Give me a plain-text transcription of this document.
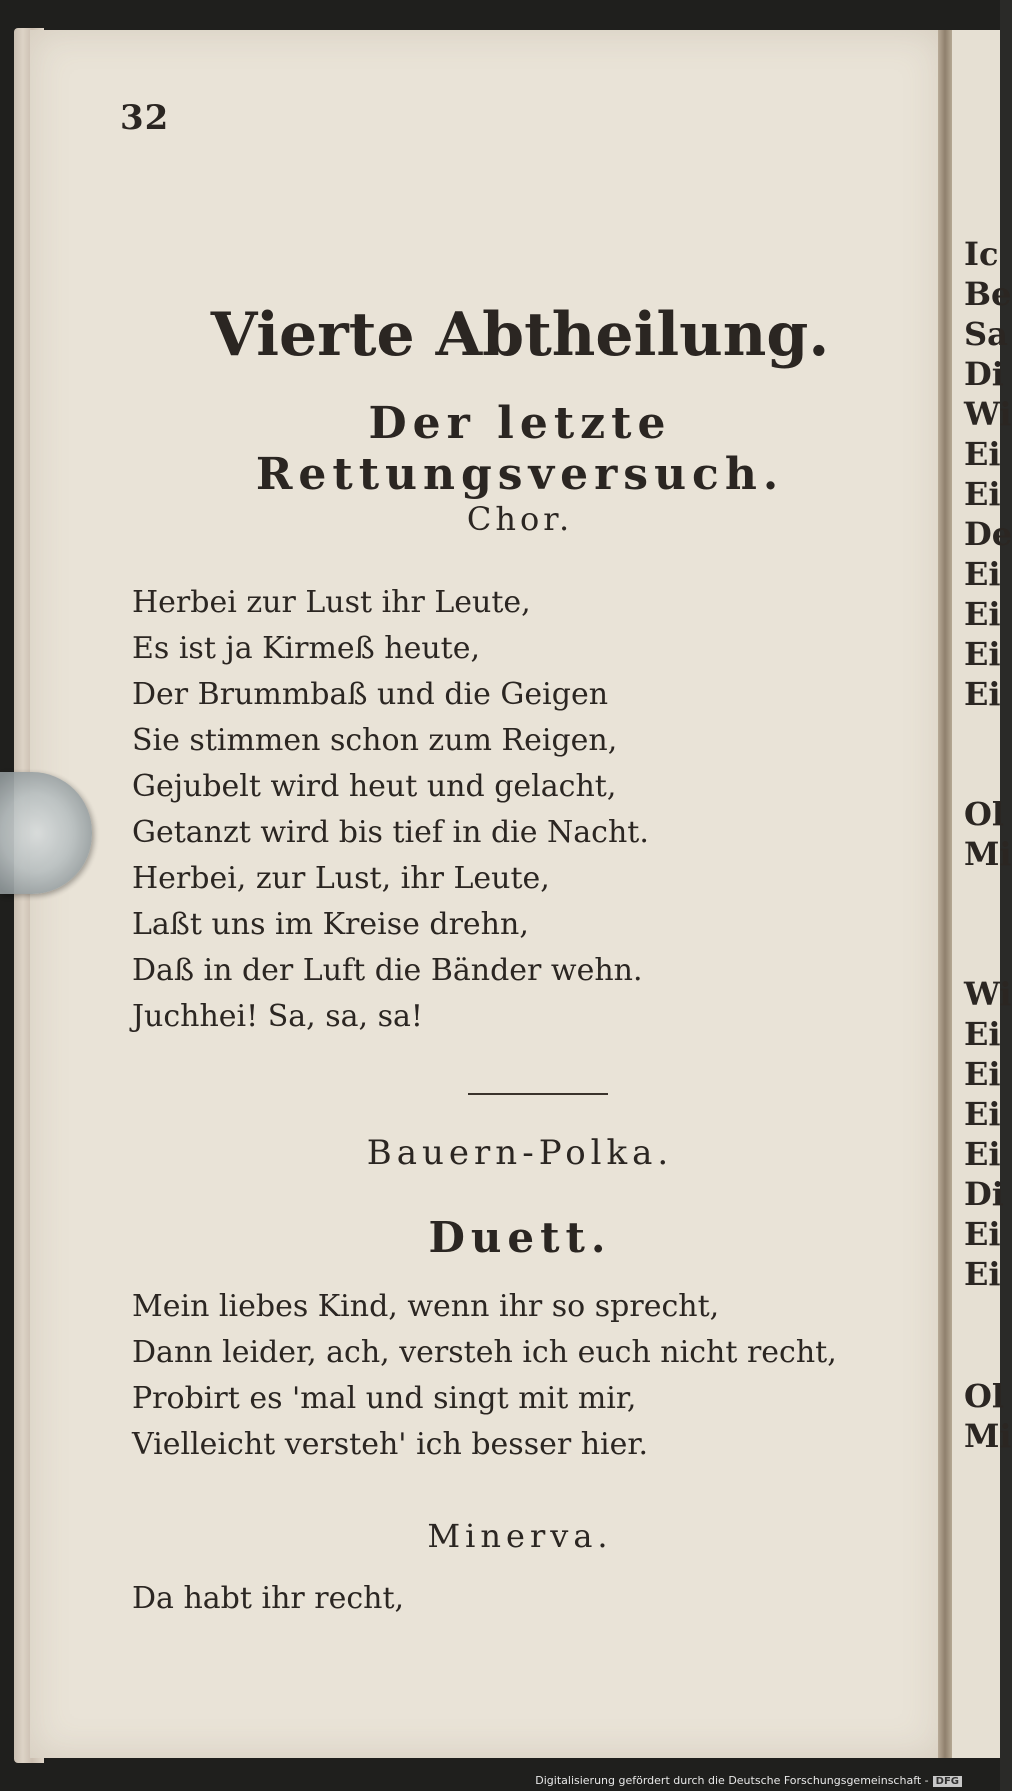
Ic
Be
Sa
Di
Wi
Ei
Ei
De
Ei
Ei
Ei
Ei
Ol
Mi
Wi
Ei
Ei
Ei
Ei
Di
Ei
Ei
Ol
Mi
32
Vierte Abtheilung.
Der letzte Rettungsversuch.
Chor.
Herbei zur Lust ihr Leute,
Es ist ja Kirmeß heute,
Der Brummbaß und die Geigen
Sie stimmen schon zum Reigen,
Gejubelt wird heut und gelacht,
Getanzt wird bis tief in die Nacht.
Herbei, zur Lust, ihr Leute,
Laßt uns im Kreise drehn,
Daß in der Luft die Bänder wehn.
Juchhei! Sa, sa, sa!
Bauern-Polka.
Duett.
Mein liebes Kind, wenn ihr so sprecht,
Dann leider, ach, versteh ich euch nicht recht,
Probirt es 'mal und singt mit mir,
Vielleicht versteh' ich besser hier.
Minerva.
Da habt ihr recht,
Digitalisierung gefördert durch die Deutsche Forschungsgemeinschaft - DFG
